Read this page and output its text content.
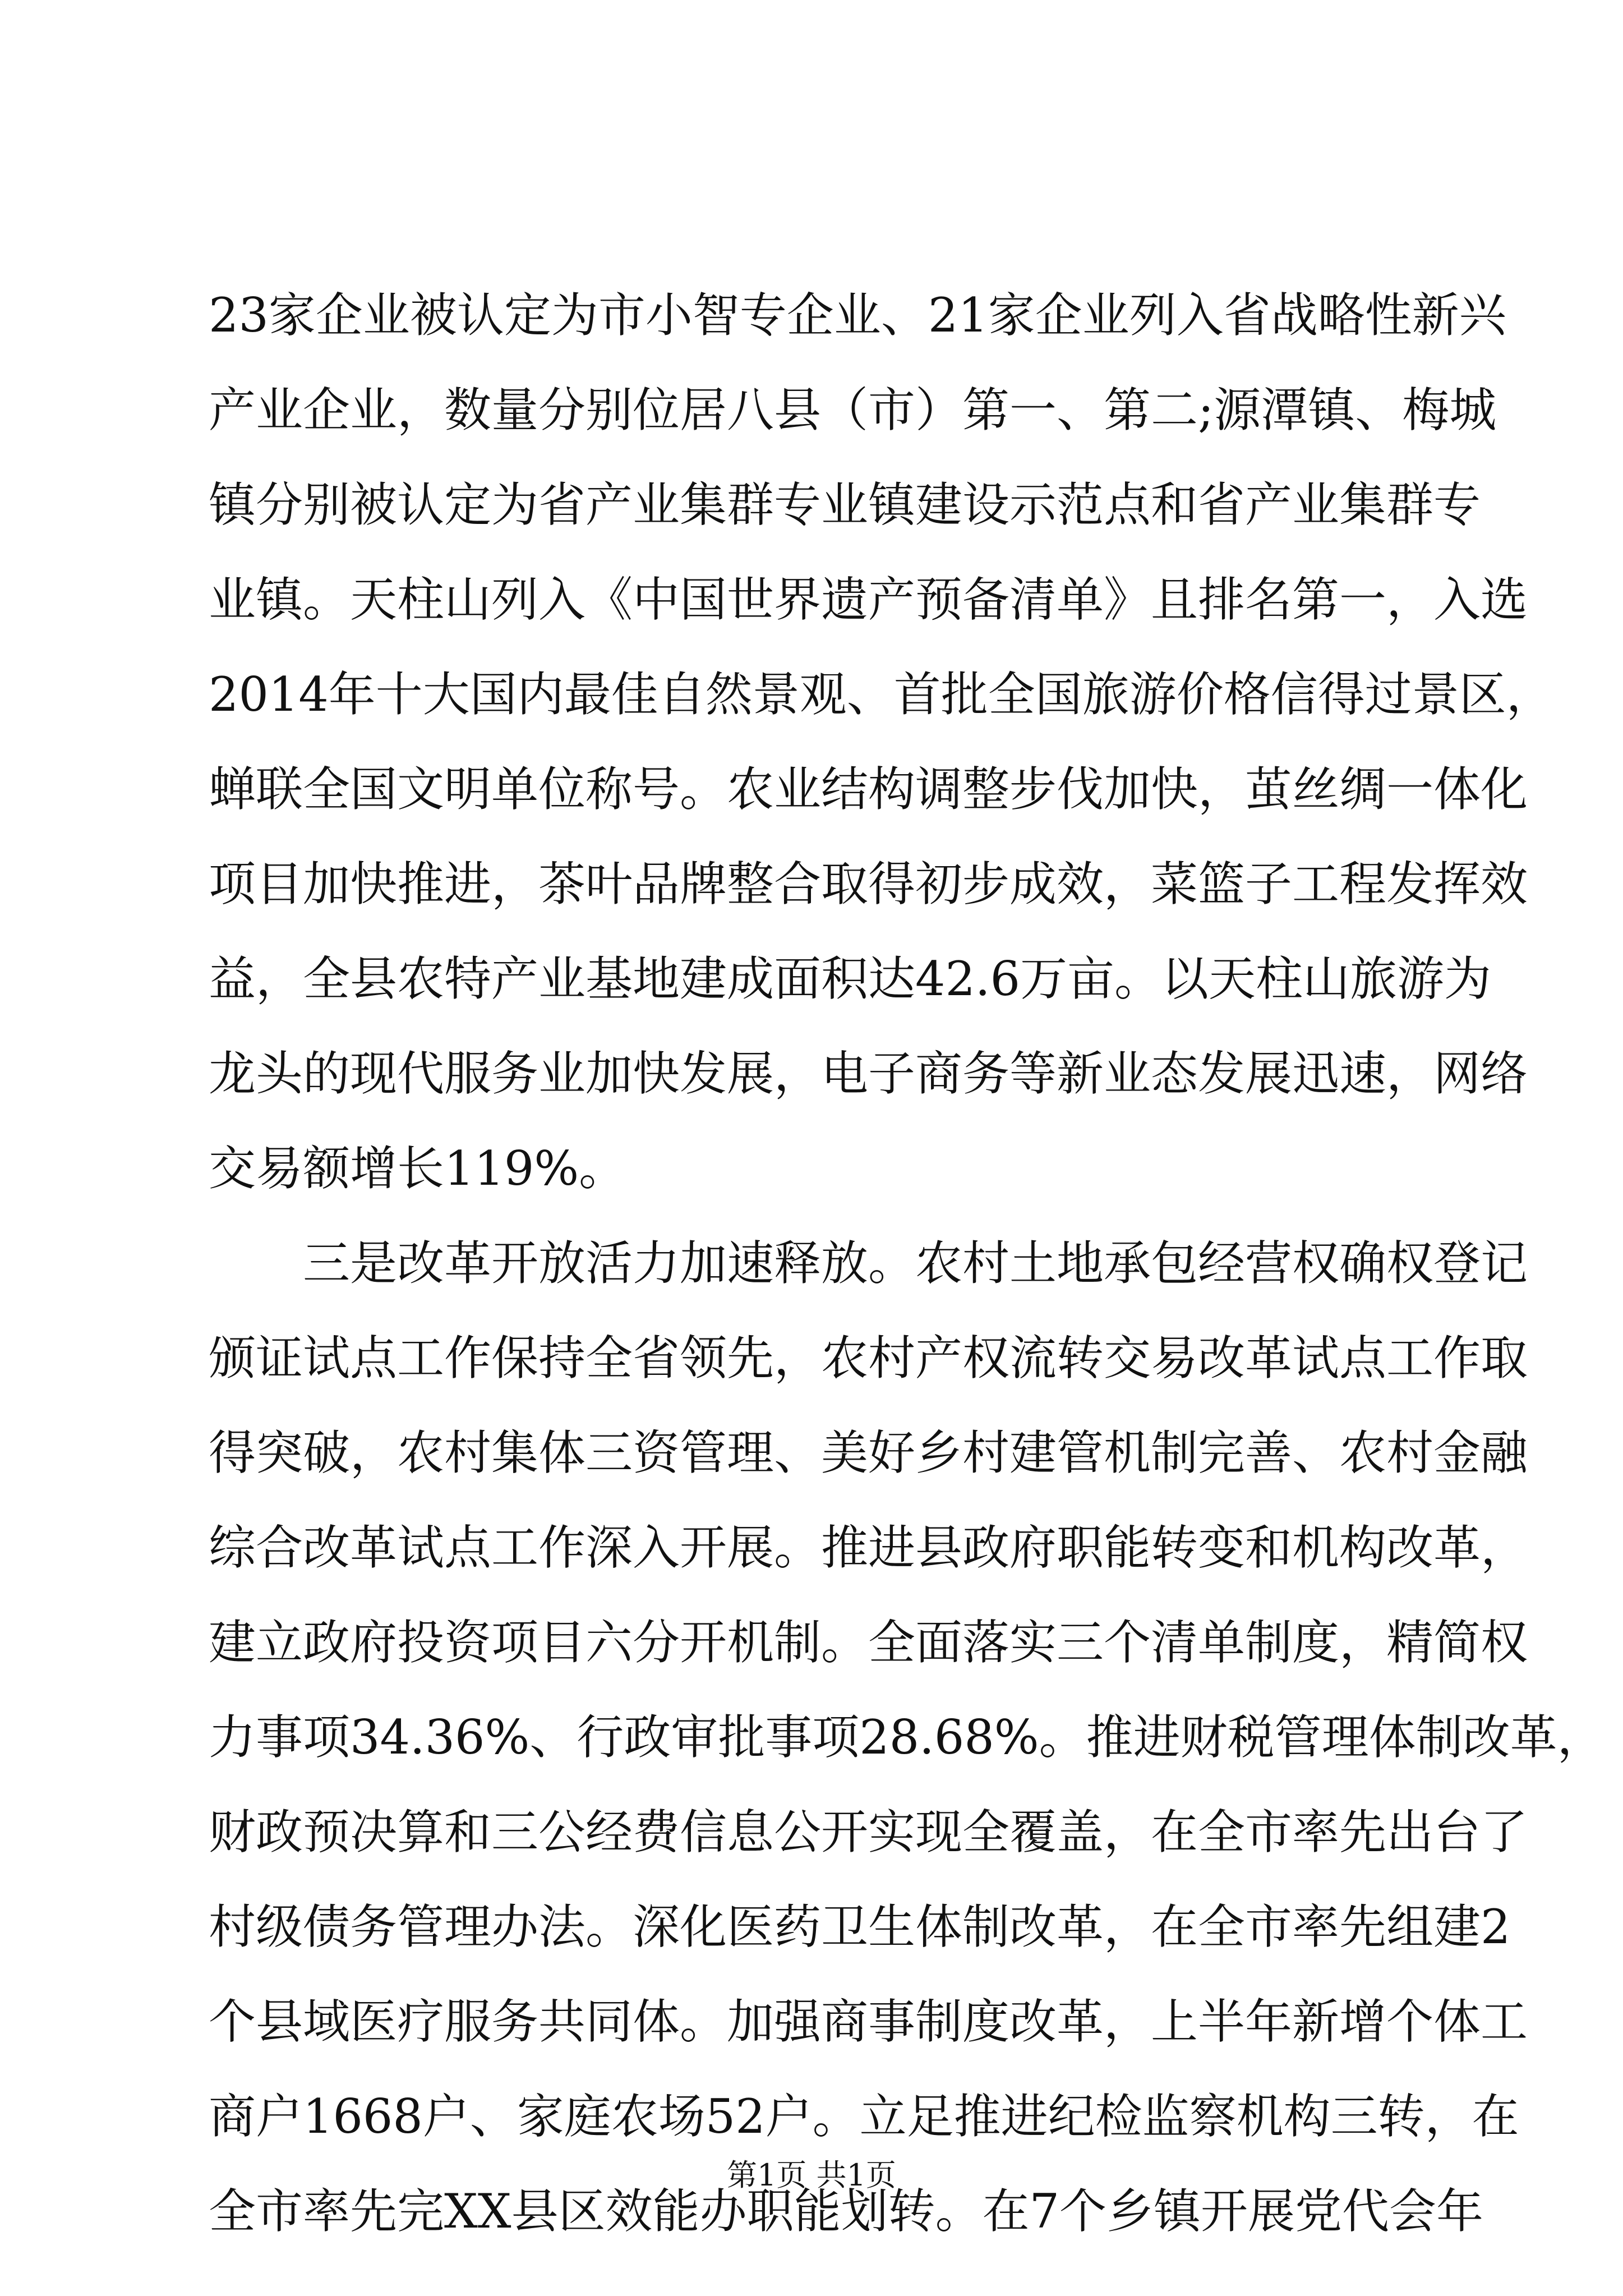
23家企业被认定为市小智专企业、21家企业列入省战略性新兴
产业企业，数量分别位居八县（市）第一、第二;源潭镇、梅城
镇分别被认定为省产业集群专业镇建设示范点和省产业集群专
业镇。天柱山列入《中国世界遗产预备清单》且排名第一，入选
2014年十大国内最佳自然景观、首批全国旅游价格信得过景区，
蝉联全国文明单位称号。农业结构调整步伐加快，茧丝绸一体化
项目加快推进，茶叶品牌整合取得初步成效，菜篮子工程发挥效
益，全县农特产业基地建成面积达42.6万亩。以天柱山旅游为
龙头的现代服务业加快发展，电子商务等新业态发展迅速，网络
交易额增长119%。
三是改革开放活力加速释放。农村土地承包经营权确权登记
颁证试点工作保持全省领先，农村产权流转交易改革试点工作取
得突破，农村集体三资管理、美好乡村建管机制完善、农村金融
综合改革试点工作深入开展。推进县政府职能转变和机构改革，
建立政府投资项目六分开机制。全面落实三个清单制度，精简权
力事项34.36%、行政审批事项28.68%。推进财税管理体制改革，
财政预决算和三公经费信息公开实现全覆盖，在全市率先出台了
村级债务管理办法。深化医药卫生体制改革，在全市率先组建2
个县域医疗服务共同体。加强商事制度改革，上半年新增个体工
商户1668户、家庭农场52户。立足推进纪检监察机构三转，在
全市率先完XX县区效能办职能划转。在7个乡镇开展党代会年
第1页 共1页
